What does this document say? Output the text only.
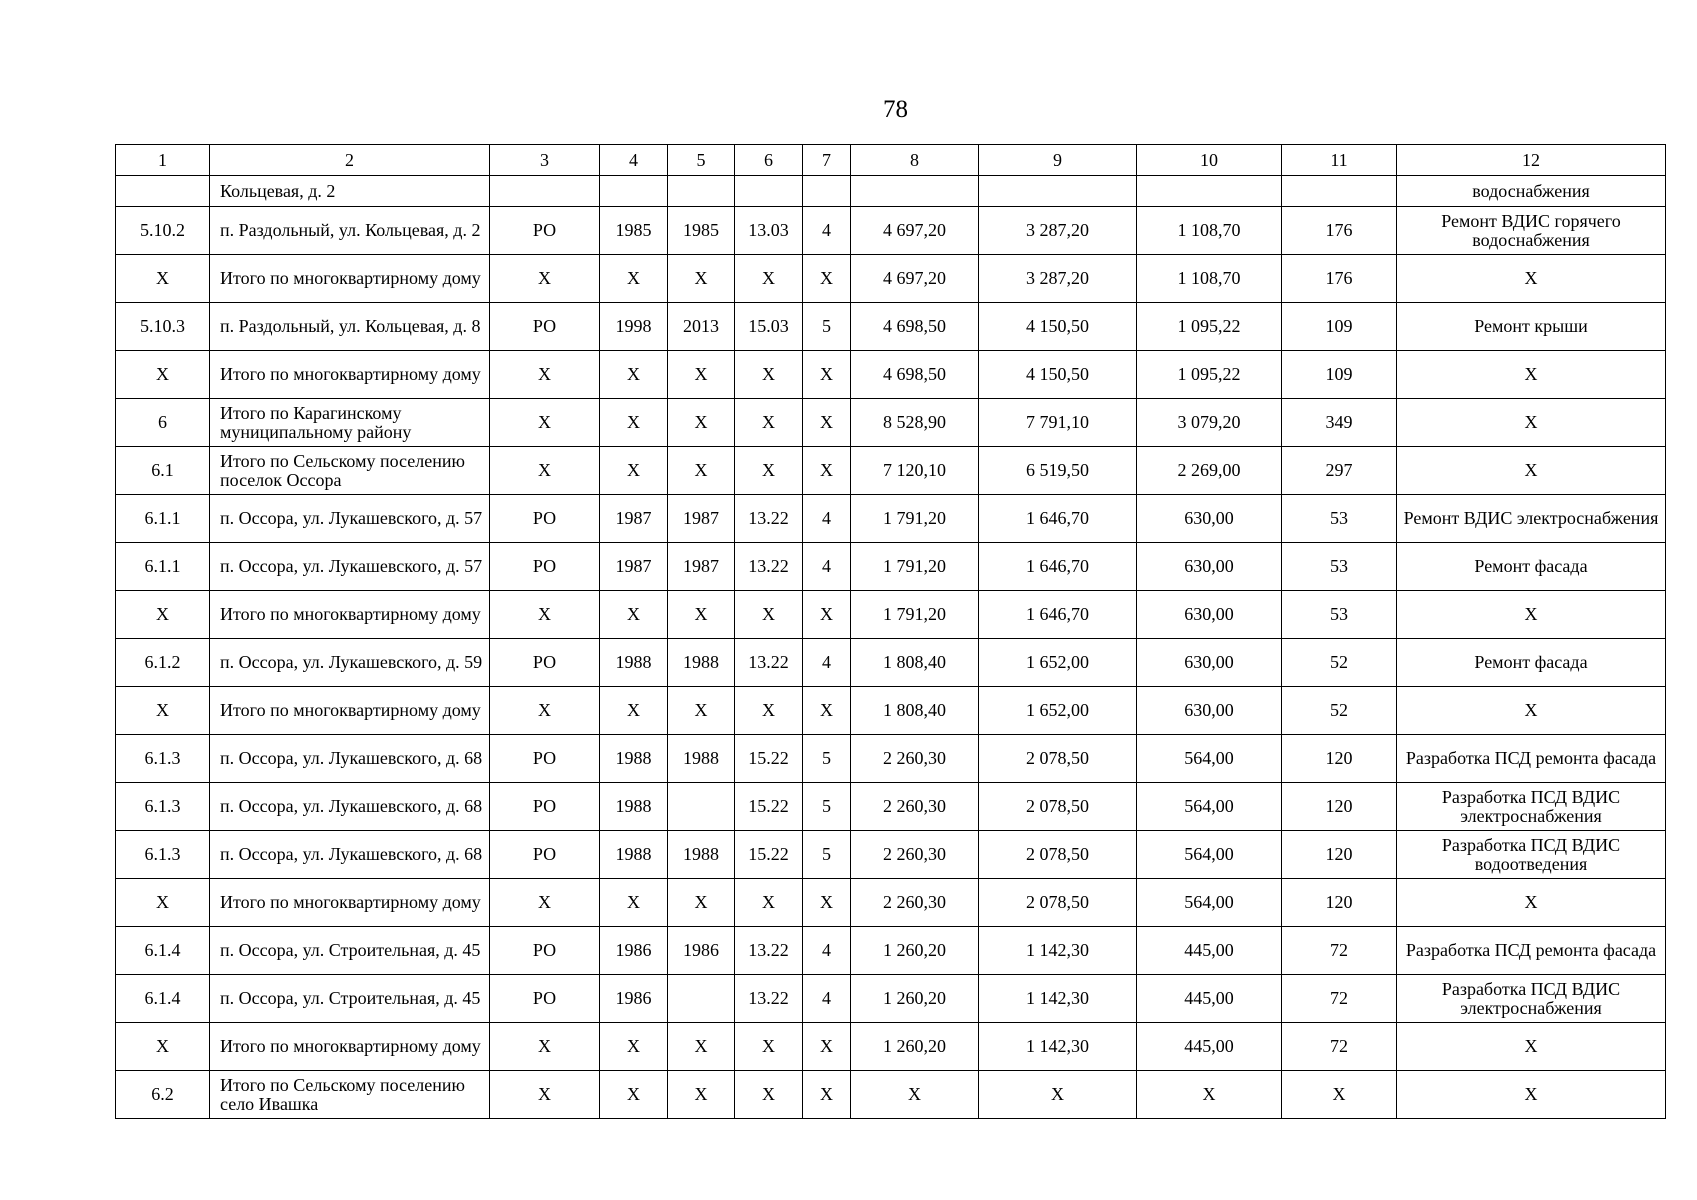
78
1	2	3	4	5	6	7	8	9	10	11	12
	Кольцевая, д. 2										водоснабжения
5.10.2	п. Раздольный, ул. Кольцевая, д. 2	РО	1985	1985	13.03	4	4 697,20	3 287,20	1 108,70	176	Ремонт ВДИС горячего водоснабжения
X	Итого по многоквартирному дому	X	X	X	X	X	4 697,20	3 287,20	1 108,70	176	X
5.10.3	п. Раздольный, ул. Кольцевая, д. 8	РО	1998	2013	15.03	5	4 698,50	4 150,50	1 095,22	109	Ремонт крыши
X	Итого по многоквартирному дому	X	X	X	X	X	4 698,50	4 150,50	1 095,22	109	X
6	Итого по Карагинскому муниципальному району	X	X	X	X	X	8 528,90	7 791,10	3 079,20	349	X
6.1	Итого по Сельскому поселению поселок Оссора	X	X	X	X	X	7 120,10	6 519,50	2 269,00	297	X
6.1.1	п. Оссора, ул. Лукашевского, д. 57	РО	1987	1987	13.22	4	1 791,20	1 646,70	630,00	53	Ремонт ВДИС электроснабжения
6.1.1	п. Оссора, ул. Лукашевского, д. 57	РО	1987	1987	13.22	4	1 791,20	1 646,70	630,00	53	Ремонт фасада
X	Итого по многоквартирному дому	X	X	X	X	X	1 791,20	1 646,70	630,00	53	X
6.1.2	п. Оссора, ул. Лукашевского, д. 59	РО	1988	1988	13.22	4	1 808,40	1 652,00	630,00	52	Ремонт фасада
X	Итого по многоквартирному дому	X	X	X	X	X	1 808,40	1 652,00	630,00	52	X
6.1.3	п. Оссора, ул. Лукашевского, д. 68	РО	1988	1988	15.22	5	2 260,30	2 078,50	564,00	120	Разработка ПСД ремонта фасада
6.1.3	п. Оссора, ул. Лукашевского, д. 68	РО	1988		15.22	5	2 260,30	2 078,50	564,00	120	Разработка ПСД ВДИС электроснабжения
6.1.3	п. Оссора, ул. Лукашевского, д. 68	РО	1988	1988	15.22	5	2 260,30	2 078,50	564,00	120	Разработка ПСД ВДИС водоотведения
X	Итого по многоквартирному дому	X	X	X	X	X	2 260,30	2 078,50	564,00	120	X
6.1.4	п. Оссора, ул. Строительная, д. 45	РО	1986	1986	13.22	4	1 260,20	1 142,30	445,00	72	Разработка ПСД ремонта фасада
6.1.4	п. Оссора, ул. Строительная, д. 45	РО	1986		13.22	4	1 260,20	1 142,30	445,00	72	Разработка ПСД ВДИС электроснабжения
X	Итого по многоквартирному дому	X	X	X	X	X	1 260,20	1 142,30	445,00	72	X
6.2	Итого по Сельскому поселению село Ивашка	X	X	X	X	X	X	X	X	X	X
